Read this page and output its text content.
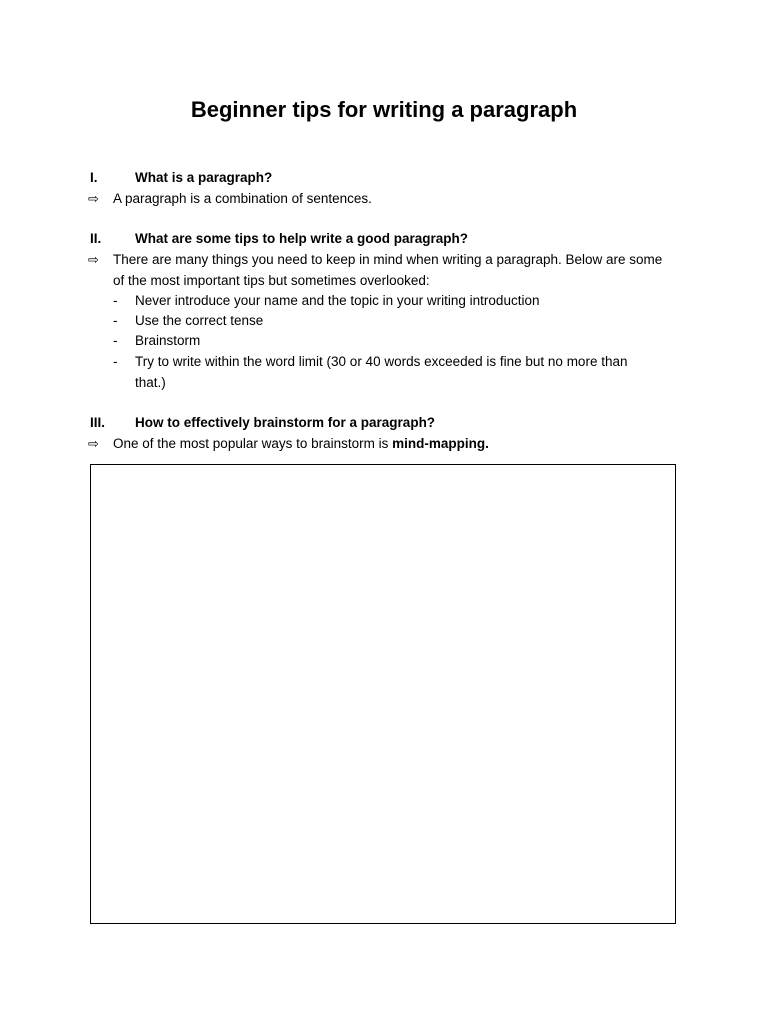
Beginner tips for writing a paragraph
I.	What is a paragraph?
⇨	A paragraph is a combination of sentences.
II. What are some tips to help write a good paragraph?
⇨	There are many things you need to keep in mind when writing a paragraph. Below are some
of the most important tips but sometimes overlooked:
- Never introduce your name and the topic in your writing introduction
- Use the correct tense
- Brainstorm
- Try to write within the word limit (30 or 40 words exceeded is fine but no more than
that.)
III. How to effectively brainstorm for a paragraph?
⇨	One of the most popular ways to brainstorm is mind-mapping.
